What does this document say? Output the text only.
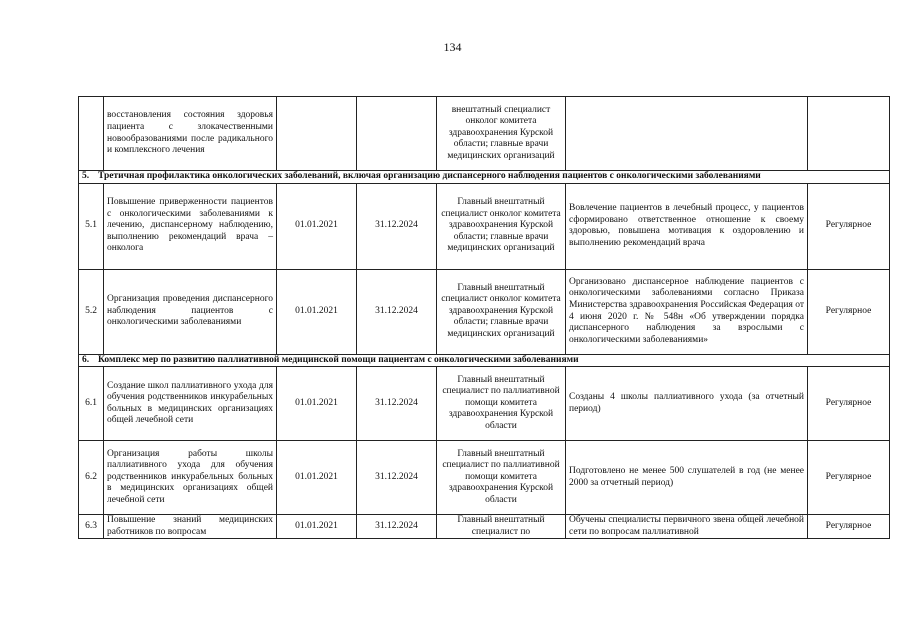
134
	восстановления состояния здоровья пациента с злокачественными новообразованиями после радикального и комплексного лечения			внештатный специалист онколог комитета здравоохранения Курской области; главные врачи медицинских организаций		
5. Третичная профилактика онкологических заболеваний, включая организацию диспансерного наблюдения пациентов с онкологическими заболеваниями						
5.1	Повышение приверженности пациентов с онкологическими заболеваниями к лечению, диспансерному наблюдению, выполнению рекомендаций врача – онколога	01.01.2021	31.12.2024	Главный внештатный специалист онколог комитета здравоохранения Курской области; главные врачи медицинских организаций	Вовлечение пациентов в лечебный процесс, у пациентов сформировано ответственное отношение к своему здоровью, повышена мотивация к оздоровлению и выполнению рекомендаций врача	Регулярное
5.2	Организация проведения диспансерного наблюдения пациентов с онкологическими заболеваниями	01.01.2021	31.12.2024	Главный внештатный специалист онколог комитета здравоохранения Курской области; главные врачи медицинских организаций	Организовано диспансерное наблюдение пациентов с онкологическими заболеваниями согласно Приказа Министерства здравоохранения Российская Федерация от 4 июня 2020 г. № 548н «Об утверждении порядка диспансерного наблюдения за взрослыми с онкологическими заболеваниями»	Регулярное
6. Комплекс мер по развитию паллиативной медицинской помощи пациентам с онкологическими заболеваниями						
6.1	Создание школ паллиативного ухода для обучения родственников инкурабельных больных в медицинских организациях общей лечебной сети	01.01.2021	31.12.2024	Главный внештатный специалист по паллиативной помощи комитета здравоохранения Курской области	Созданы 4 школы паллиативного ухода (за отчетный период)	Регулярное
6.2	Организация работы школы паллиативного ухода для обучения родственников инкурабельных больных в медицинских организациях общей лечебной сети	01.01.2021	31.12.2024	Главный внештатный специалист по паллиативной помощи комитета здравоохранения Курской области	Подготовлено не менее 500 слушателей в год (не менее 2000 за отчетный период)	Регулярное
6.3	Повышение знаний медицинских работников по вопросам	01.01.2021	31.12.2024	Главный внештатный специалист по	Обучены специалисты первичного звена общей лечебной сети по вопросам паллиативной	Регулярное
